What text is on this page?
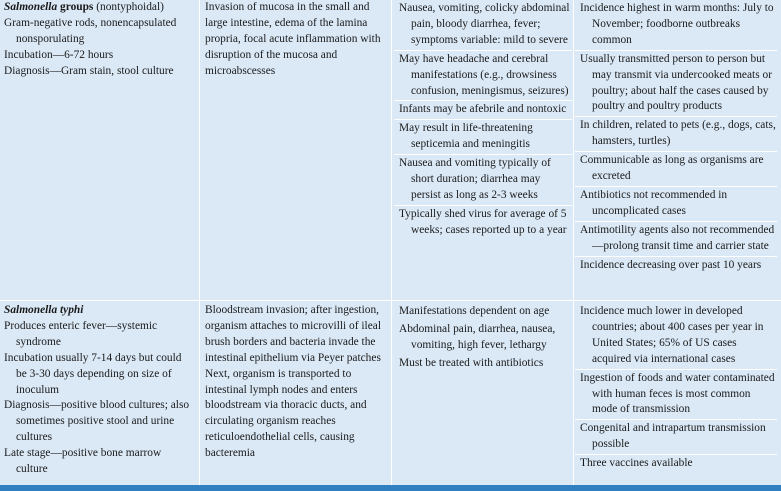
Salmonella groups (nontyphoidal)

Gram-negative rods, nonencapsulated nonsporulating

Incubation—6-72 hours

Diagnosis—Gram stain, stool culture

Invasion of mucosa in the small and large intestine, edema of the lamina propria, focal acute inflammation with disruption of the mucosa and microabscesses

Nausea, vomiting, colicky abdominal pain, bloody diarrhea, fever; symptoms variable: mild to severe

May have headache and cerebral manifestations (e.g., drowsiness confusion, meningismus, seizures)

Infants may be afebrile and nontoxic

May result in life-threatening septicemia and meningitis

Nausea and vomiting typically of short duration; diarrhea may persist as long as 2-3 weeks

Typically shed virus for average of 5 weeks; cases reported up to a year

Incidence highest in warm months: July to November; foodborne outbreaks common

Usually transmitted person to person but may transmit via undercooked meats or poultry; about half the cases caused by poultry and poultry products

In children, related to pets (e.g., dogs, cats, hamsters, turtles)

Communicable as long as organisms are excreted

Antibiotics not recommended in uncomplicated cases

Antimotility agents also not recommended—prolong transit time and carrier state

Incidence decreasing over past 10 years

Salmonella typhi

Produces enteric fever—systemic syndrome

Incubation usually 7-14 days but could be 3-30 days depending on size of inoculum

Diagnosis—positive blood cultures; also sometimes positive stool and urine cultures

Late stage—positive bone marrow culture

Bloodstream invasion; after ingestion, organism attaches to microvilli of ileal brush borders and bacteria invade the intestinal epithelium via Peyer patches Next, organism is transported to intestinal lymph nodes and enters bloodstream via thoracic ducts, and circulating organism reaches reticuloendothelial cells, causing bacteremia

Manifestations dependent on age

Abdominal pain, diarrhea, nausea, vomiting, high fever, lethargy

Must be treated with antibiotics

Incidence much lower in developed countries; about 400 cases per year in United States; 65% of US cases acquired via international cases

Ingestion of foods and water contaminated with human feces is most common mode of transmission

Congenital and intrapartum transmission possible

Three vaccines available
